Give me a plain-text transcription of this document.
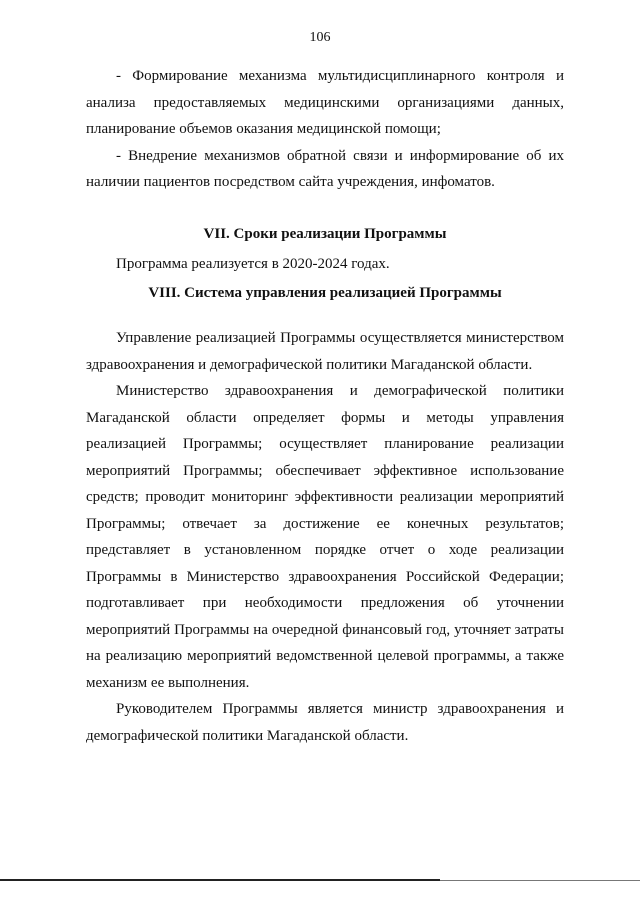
106

- Формирование механизма мультидисциплинарного контроля и анализа предоставляемых медицинскими организациями данных, планирование объемов оказания медицинской помощи;

- Внедрение механизмов обратной связи и информирование об их наличии пациентов посредством сайта учреждения, инфоматов.

VII. Сроки реализации Программы

Программа реализуется в 2020-2024 годах.

VIII. Система управления реализацией Программы

Управление реализацией Программы осуществляется министерством здравоохранения и демографической политики Магаданской области.

Министерство здравоохранения и демографической политики Магаданской области определяет формы и методы управления реализацией Программы; осуществляет планирование реализации мероприятий Программы; обеспечивает эффективное использование средств; проводит мониторинг эффективности реализации мероприятий Программы; отвечает за достижение ее конечных результатов; представляет в установленном порядке отчет о ходе реализации Программы в Министерство здравоохранения Российской Федерации; подготавливает при необходимости предложения об уточнении мероприятий Программы на очередной финансовый год, уточняет затраты на реализацию мероприятий ведомственной целевой программы, а также механизм ее выполнения.

Руководителем Программы является министр здравоохранения и демографической политики Магаданской области.
